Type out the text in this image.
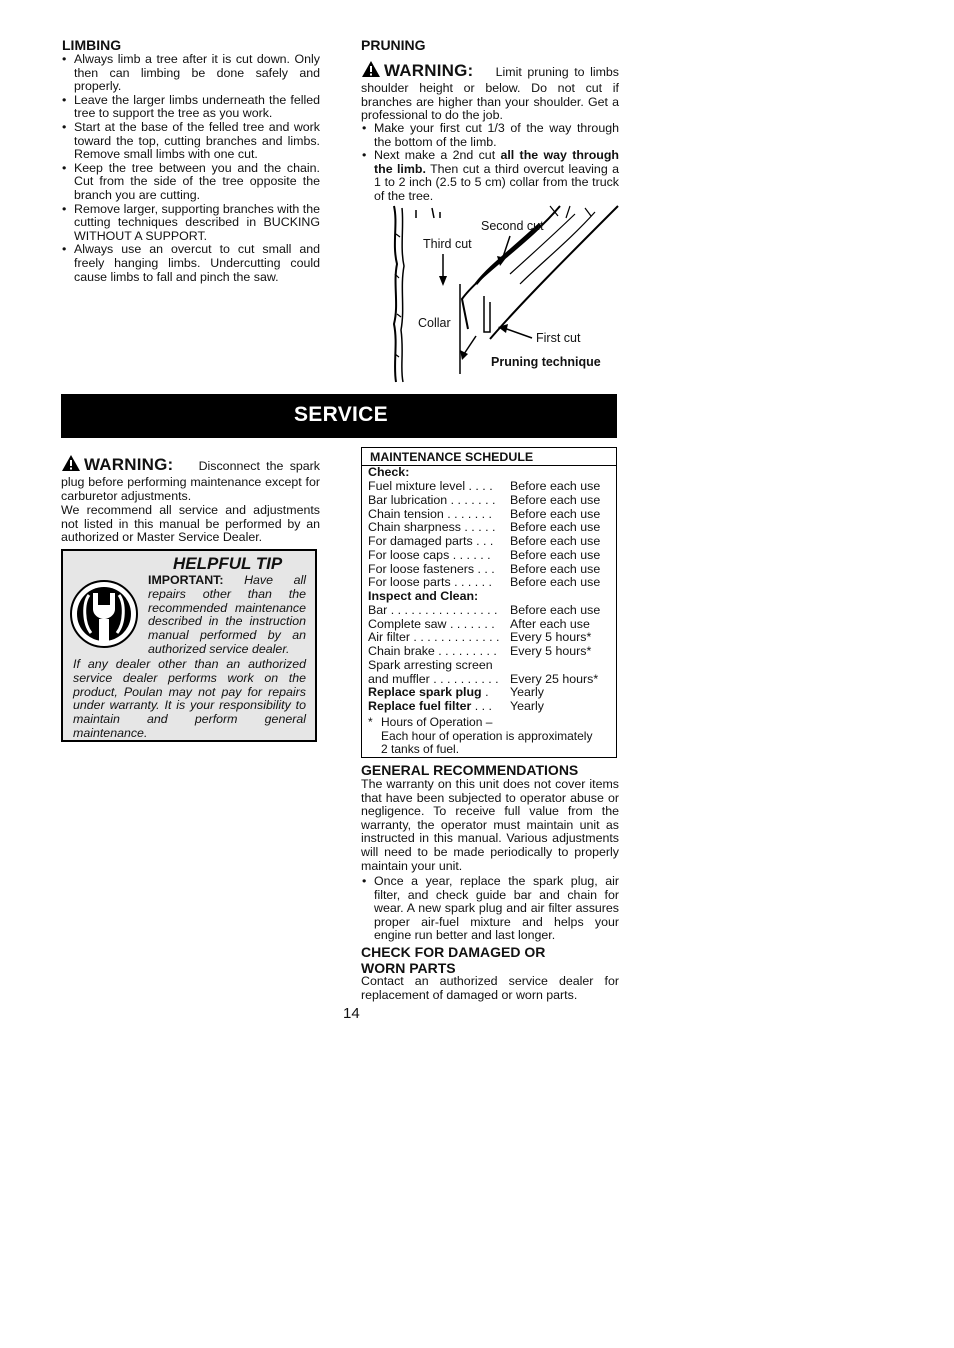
LIMBING
• Always limb a tree after it is cut down. Only then can limbing be done safely and properly.
• Leave the larger limbs underneath the felled tree to support the tree as you work.
• Start at the base of the felled tree and work toward the top, cutting branches and limbs. Remove small limbs with one cut.
• Keep the tree between you and the chain. Cut from the side of the tree opposite the branch you are cutting.
• Remove larger, supporting branches with the cutting techniques described in BUCKING WITHOUT A SUPPORT.
• Always use an overcut to cut small and freely hanging limbs. Undercutting could cause limbs to fall and pinch the saw.
PRUNING
WARNING: Limit pruning to limbs shoulder height or below. Do not cut if branches are higher than your shoulder. Get a professional to do the job.
• Make your first cut 1/3 of the way through the bottom of the limb.
• Next make a 2nd cut all the way through the limb. Then cut a third overcut leaving a 1 to 2 inch (2.5 to 5 cm) collar from the truck of the tree.
Second cut
Third cut
Collar
First cut
Pruning technique
SERVICE
WARNING: Disconnect the spark plug before performing maintenance except for carburetor adjustments.
We recommend all service and adjustments not listed in this manual be performed by an authorized or Master Service Dealer.
HELPFUL TIP
IMPORTANT: Have all repairs other than the recommended maintenance described in the instruction manual performed by an authorized service dealer.
If any dealer other than an authorized service dealer performs work on the product, Poulan may not pay for repairs under warranty. It is your responsibility to maintain and perform general maintenance.
MAINTENANCE SCHEDULE
Check:
Fuel mixture level . . . . Before each use
Bar lubrication . . . . . . . Before each use
Chain tension . . . . . . . Before each use
Chain sharpness . . . . . Before each use
For damaged parts . . . Before each use
For loose caps . . . . . . Before each use
For loose fasteners . . . Before each use
For loose parts . . . . . . Before each use
Inspect and Clean:
Bar . . . . . . . . . . . . . . . . Before each use
Complete saw . . . . . . . After each use
Air filter . . . . . . . . . . . . . Every 5 hours*
Chain brake . . . . . . . . . Every 5 hours*
Spark arresting screen
and muffler . . . . . . . . . . Every 25 hours*
Replace spark plug . Yearly
Replace fuel filter . . . Yearly
* Hours of Operation –
Each hour of operation is approximately
2 tanks of fuel.
GENERAL RECOMMENDATIONS
The warranty on this unit does not cover items that have been subjected to operator abuse or negligence. To receive full value from the warranty, the operator must maintain unit as instructed in this manual. Various adjustments will need to be made periodically to properly maintain your unit.
• Once a year, replace the spark plug, air filter, and check guide bar and chain for wear. A new spark plug and air filter assures proper air-fuel mixture and helps your engine run better and last longer.
CHECK FOR DAMAGED OR
WORN PARTS
Contact an authorized service dealer for replacement of damaged or worn parts.
14
